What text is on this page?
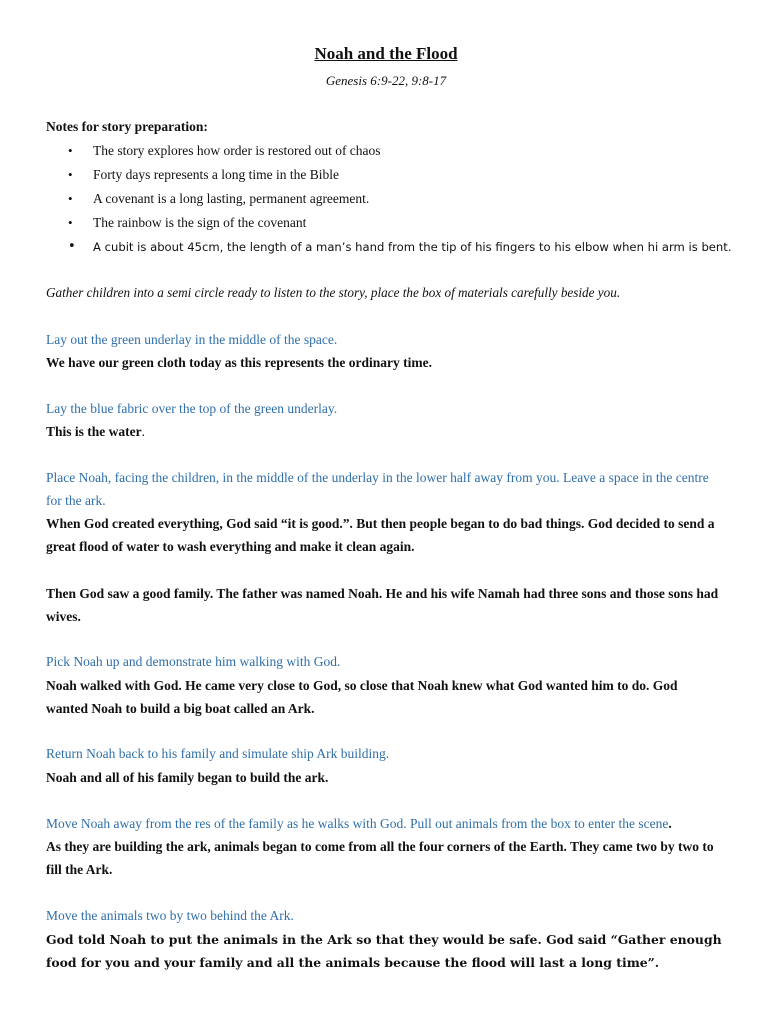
Noah and the Flood

Genesis 6:9-22, 9:8-17

Notes for story preparation:

• The story explores how order is restored out of chaos
• Forty days represents a long time in the Bible
• A covenant is a long lasting, permanent agreement.
• The rainbow is the sign of the covenant
• A cubit is about 45cm, the length of a man’s hand from the tip of his fingers to his elbow when hi arm is bent.

Gather children into a semi circle ready to listen to the story, place the box of materials carefully beside you.

Lay out the green underlay in the middle of the space.

We have our green cloth today as this represents the ordinary time.

Lay the blue fabric over the top of the green underlay.

This is the water.

Place Noah, facing the children, in the middle of the underlay in the lower half away from you. Leave a space in the centre for the ark.

When God created everything, God said “it is good.”. But then people began to do bad things. God decided to send a great flood of water to wash everything and make it clean again.

Then God saw a good family. The father was named Noah. He and his wife Namah had three sons and those sons had wives.

Pick Noah up and demonstrate him walking with God.

Noah walked with God. He came very close to God, so close that Noah knew what God wanted him to do. God wanted Noah to build a big boat called an Ark.

Return Noah back to his family and simulate ship Ark building.

Noah and all of his family began to build the ark.

Move Noah away from the res of the family as he walks with God. Pull out animals from the box to enter the scene.

As they are building the ark, animals began to come from all the four corners of the Earth. They came two by two to fill the Ark.

Move the animals two by two behind the Ark.

God told Noah to put the animals in the Ark so that they would be safe. God said “Gather enough food for you and your family and all the animals because the flood will last a long time”.
